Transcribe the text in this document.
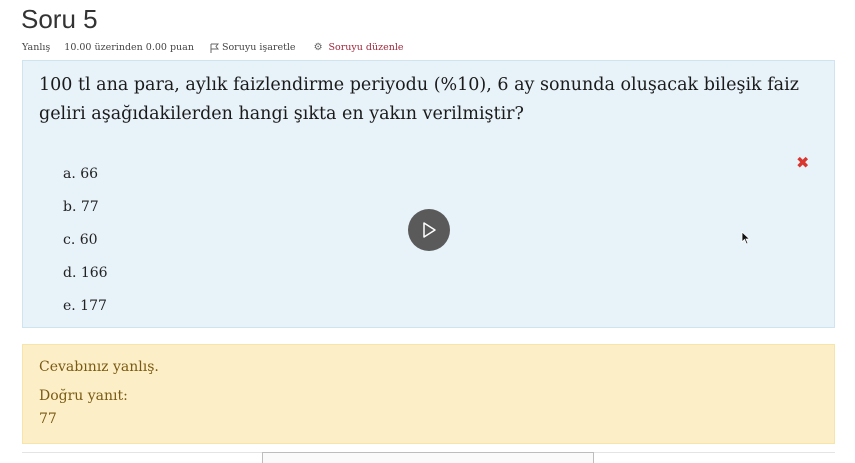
Soru 5
Yanlış 10.00 üzerinden 0.00 puan	Soruyu işaretle ⚙ Soruyu düzenle
100 tl ana para, aylık faizlendirme periyodu (%10), 6 ay sonunda oluşacak bileşik faiz geliri aşağıdakilerden hangi şıkta en yakın verilmiştir?
a. 66
b. 77
c. 60
d. 166
e. 177
✖
Cevabınız yanlış.
Doğru yanıt:
77
